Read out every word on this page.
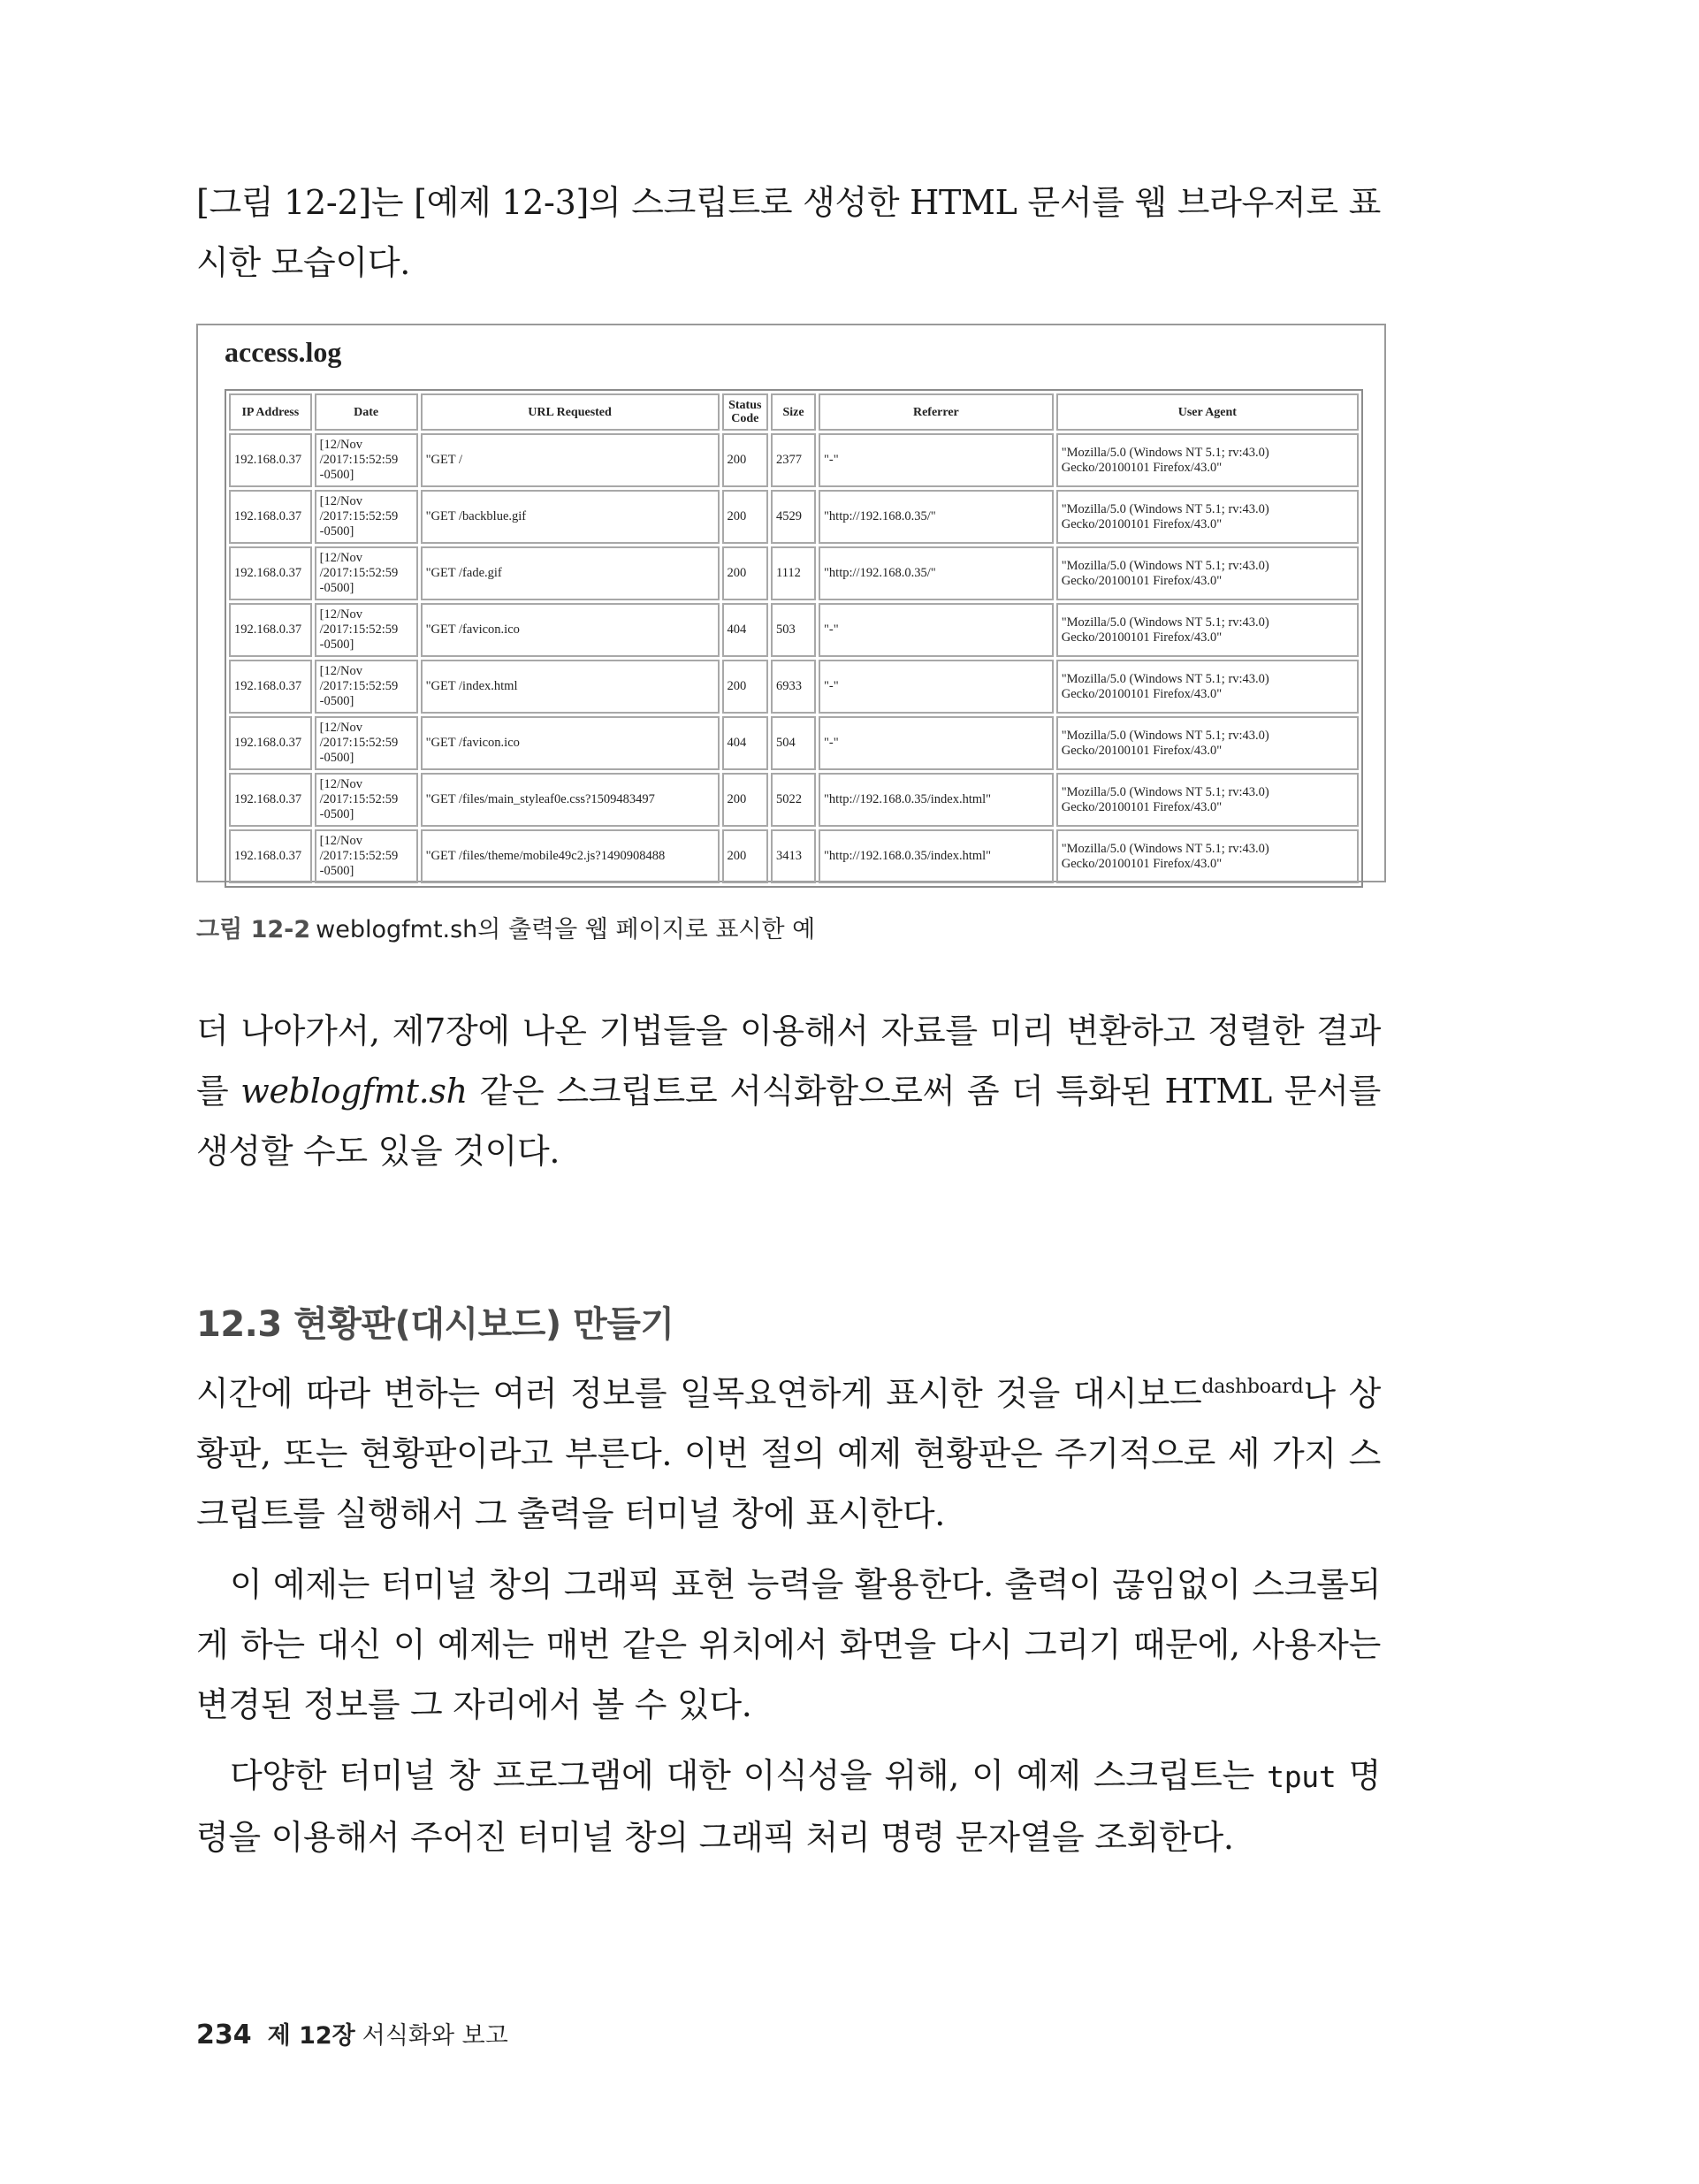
[그림 12-2]는 [예제 12-3]의 스크립트로 생성한 HTML 문서를 웹 브라우저로 표시한 모습이다.

access.log
IP Address	Date	URL Requested	Status Code	Size	Referrer	User Agent
192.168.0.37	[12/Nov
/2017:15:52:59
-0500]	"GET /	200	2377	"-"	"Mozilla/5.0 (Windows NT 5.1; rv:43.0)
Gecko/20100101 Firefox/43.0"
192.168.0.37	[12/Nov
/2017:15:52:59
-0500]	"GET /backblue.gif	200	4529	"http://192.168.0.35/"	"Mozilla/5.0 (Windows NT 5.1; rv:43.0)
Gecko/20100101 Firefox/43.0"
192.168.0.37	[12/Nov
/2017:15:52:59
-0500]	"GET /fade.gif	200	1112	"http://192.168.0.35/"	"Mozilla/5.0 (Windows NT 5.1; rv:43.0)
Gecko/20100101 Firefox/43.0"
192.168.0.37	[12/Nov
/2017:15:52:59
-0500]	"GET /favicon.ico	404	503	"-"	"Mozilla/5.0 (Windows NT 5.1; rv:43.0)
Gecko/20100101 Firefox/43.0"
192.168.0.37	[12/Nov
/2017:15:52:59
-0500]	"GET /index.html	200	6933	"-"	"Mozilla/5.0 (Windows NT 5.1; rv:43.0)
Gecko/20100101 Firefox/43.0"
192.168.0.37	[12/Nov
/2017:15:52:59
-0500]	"GET /favicon.ico	404	504	"-"	"Mozilla/5.0 (Windows NT 5.1; rv:43.0)
Gecko/20100101 Firefox/43.0"
192.168.0.37	[12/Nov
/2017:15:52:59
-0500]	"GET /files/main_styleaf0e.css?1509483497	200	5022	"http://192.168.0.35/index.html"	"Mozilla/5.0 (Windows NT 5.1; rv:43.0)
Gecko/20100101 Firefox/43.0"
192.168.0.37	[12/Nov
/2017:15:52:59
-0500]	"GET /files/theme/mobile49c2.js?1490908488	200	3413	"http://192.168.0.35/index.html"	"Mozilla/5.0 (Windows NT 5.1; rv:43.0)
Gecko/20100101 Firefox/43.0"

그림 12-2 weblogfmt.sh의 출력을 웹 페이지로 표시한 예

더 나아가서, 제7장에 나온 기법들을 이용해서 자료를 미리 변환하고 정렬한 결과를 weblogfmt.sh 같은 스크립트로 서식화함으로써 좀 더 특화된 HTML 문서를 생성할 수도 있을 것이다.

12.3 현황판(대시보드) 만들기

시간에 따라 변하는 여러 정보를 일목요연하게 표시한 것을 대시보드$^{dashboard}$나 상황판, 또는 현황판이라고 부른다. 이번 절의 예제 현황판은 주기적으로 세 가지 스크립트를 실행해서 그 출력을 터미널 창에 표시한다.

이 예제는 터미널 창의 그래픽 표현 능력을 활용한다. 출력이 끊임없이 스크롤되게 하는 대신 이 예제는 매번 같은 위치에서 화면을 다시 그리기 때문에, 사용자는 변경된 정보를 그 자리에서 볼 수 있다.

다양한 터미널 창 프로그램에 대한 이식성을 위해, 이 예제 스크립트는 tput 명령을 이용해서 주어진 터미널 창의 그래픽 처리 명령 문자열을 조회한다.

234 제 12장 서식화와 보고
